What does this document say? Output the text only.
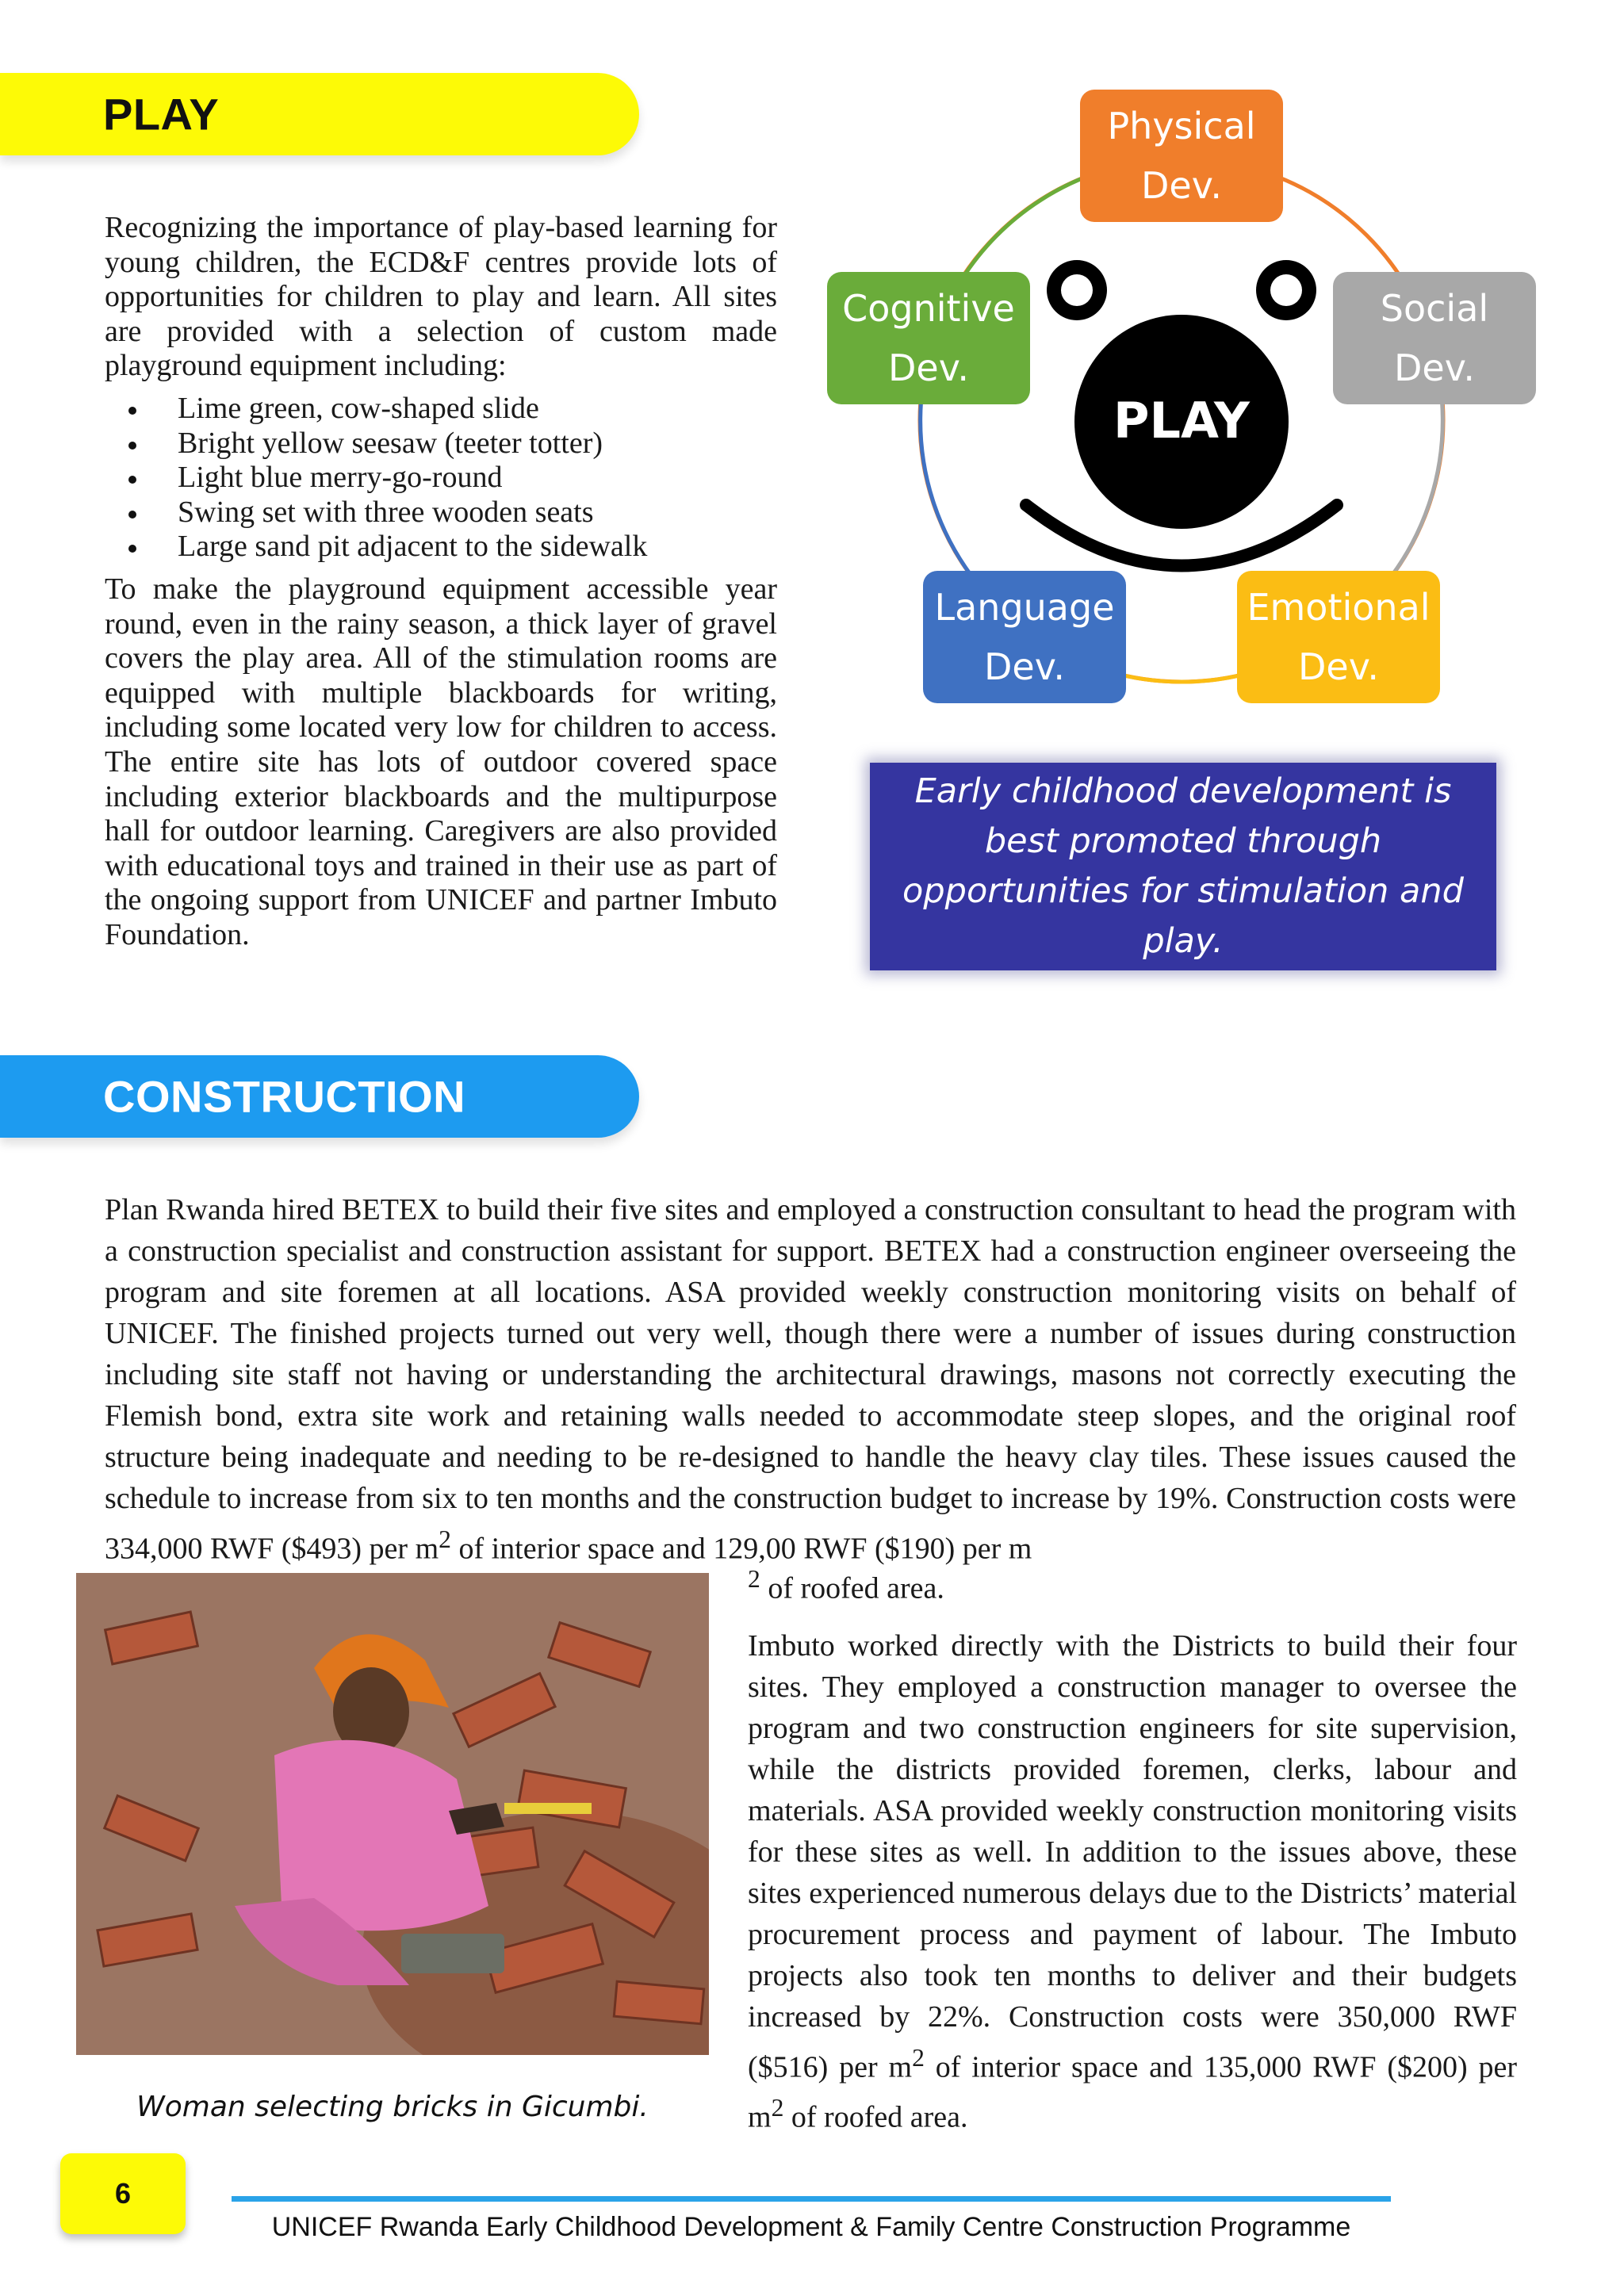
PLAY

Recognizing the importance of play-based learning for young children, the ECD&F centres provide lots of opportunities for children to play and learn. All sites are provided with a selection of custom made playground equipment including:

Lime green, cow-shaped slide
Bright yellow seesaw (teeter totter)
Light blue merry-go-round
Swing set with three wooden seats
Large sand pit adjacent to the sidewalk

To make the playground equipment accessible year round, even in the rainy season, a thick layer of gravel covers the play area. All of the stimulation rooms are equipped with multiple blackboards for writing, including some located very low for children to access. The entire site has lots of outdoor covered space including exterior blackboards and the multipurpose hall for outdoor learning. Caregivers are also provided with educational toys and trained in their use as part of the ongoing support from UNICEF and partner Imbuto Foundation.

PLAY
Physical
Dev.
Social
Dev.
Emotional
Dev.
Language
Dev.
Cognitive
Dev.

Early childhood development is best promoted through opportunities for stimulation and play.

CONSTRUCTION
Plan Rwanda hired BETEX to build their five sites and employed a construction consultant to head the program with a construction specialist and construction assistant for support. BETEX had a construction engineer overseeing the program and site foremen at all locations. ASA provided weekly construction monitoring visits on behalf of UNICEF. The finished projects turned out very well, though there were a number of issues during construction including site staff not having or understanding the architectural drawings, masons not correctly executing the Flemish bond, extra site work and retaining walls needed to accommodate steep slopes, and the original roof structure being inadequate and needing to be re-designed to handle the heavy clay tiles. These issues caused the schedule to increase from six to ten months and the construction budget to increase by 19%. Construction costs were 334,000 RWF ($493) per $m^2$ of interior space and 129,00 RWF ($190) per m

$^2$ of roofed area.

Imbuto worked directly with the Districts to build their four sites. They employed a construction manager to oversee the program and two construction engineers for site supervision, while the districts provided foremen, clerks, labour and materials. ASA provided weekly construction monitoring visits for these sites as well. In addition to the issues above, these sites experienced numerous delays due to the Districts’ material procurement process and payment of labour. The Imbuto projects also took ten months to deliver and their budgets increased by 22%. Construction costs were 350,000 RWF ($516) per $m^2$ of interior space and 135,000 RWF ($200) per $m^2$ of roofed area.

Woman selecting bricks in Gicumbi.
6
UNICEF Rwanda Early Childhood Development & Family Centre Construction Programme
